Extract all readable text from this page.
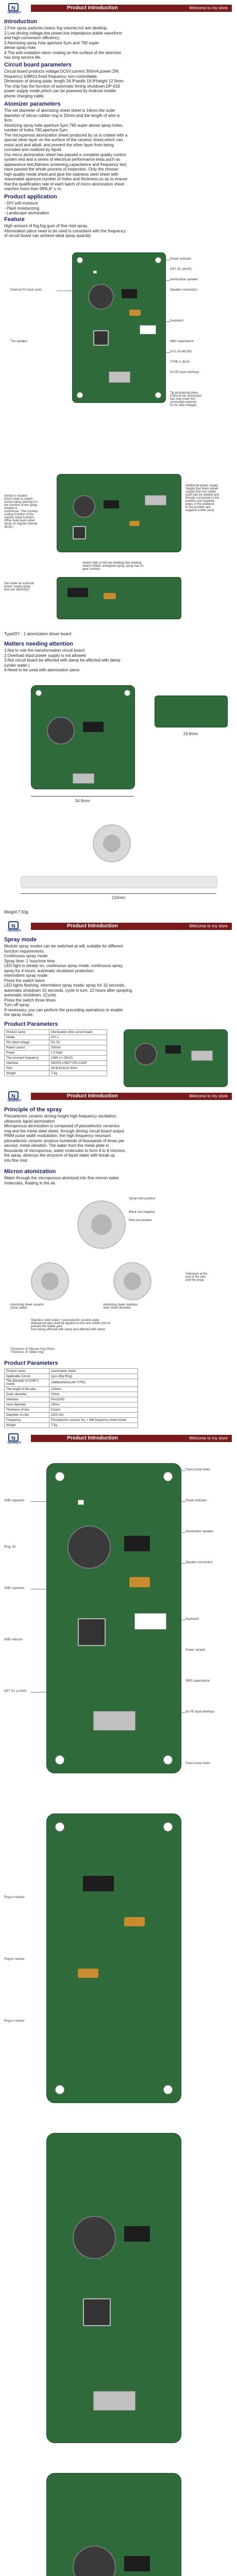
N
NovelDIY
Product Introduction	Welcome to my store
Introduction
1.Fine spray particles,heavy fog volume,not wet desktop.
2.Low driving voltage,low power,low impedance,stable waveform
and high conversion efficiency.
3.Atomizing spray hole aperture 5μm and 790 super
dense spray hole.
4.The anti-oxidation silver coating on the surface of the atomizer
has long service life.
Circuit board parameters
Circuit board products voltage:DC5V,current 300mA,power:2W,
frequency:108Khz,fixed frequency non-controllable
Dimension of driving plate: length 34.9*width 19.8*height 12.9mm
The chip has the function of automatic timing shutdown.DP-018
power supply mode,which can be powered by Android mobile
phone charging cable.
Atomizer parameters
The net diameter of atomizing sheet sheet is 16mm,the outer
diameter of silicon rubber ring is 20mm,and the length of wire is
9cm.
Atomizing spray hole aperture 5μm,790 super dense spray holes,
number of holes 790,aperture 5μm.
The microporous atomization sheet produced by us is coated with a
special silver layer on the surface of the ceramic sheet,which can
resist acid and alkali, and prevent the silver layer from being
corroded and oxidized by liquid.
Our micro atomization sheet has passed a complete quality control
system test and a series of electrical performance tests,such as
appearance test,flatness screening,capacitance and frequency test,
have passed the whole process of inspection. Only the choose
high-quality metal sheet,and glue the stainless steel sheet with
reasonable aperture,number of holes and thickness,so as to ensure
that the qualification rate of each batch of micro atomization sheet
reaches more than 99%,6" u m.
Product application
- DIY self-moisture
- Plant moisturizing
- Landscape atomization
Feature
High amount of fog,fog gum of fine mist spray.
Atomization piece need to be used is consistent with the frequency
of circuit board can achieve ideal spray quantity
Power indicator
DET 3V (1KHZ)
Atomization speaker
Speaker connection
Keyboard
External 5V input (auto
MB2 capacitance
5V-1.5A MICRO
TYPE-C (Ex9)
5V PE input interface
The speaker
Tip positioning place
(Ultra-th ink connection
can only insert the
connected external
5v for data voltage)
Switch is located
(Don't have to switch
control spray directly,it is
the function of the spray
module is
continuous. The corresp-
onding function of the
regular spray function.
Other fixed work when
spray no regular interval
spray.)
Additional power supply
Supply four block power
supply (five four outlet
point can be welded and
directly connected to the
positive and negative
poles of the powered
to the positive and
negative solder joint)
Switch high or left two welding feet welding,
switch invalid, energized spray, spray has no
gear function
Set under an external
power supply (plug
and use atomizer)
TypeDIY - 1 atomization driver board
Matters needing attention
1.Not to role the transformation circuit board
2.Overload input power supply is not allowed
3.Not circuit board be affected with damp be affected with damp
(under water.)
4.Need to be used with atomization piece
34.9mm
19.8mm
150mm
Weight:7.50g
N
NovelDIY
Product Introduction	Welcome to my store
Spray mode
Module spray modes can be switched at will, suitable for different
function requirements.
Continuous spray mode
Spray time: 1 hour/one time
LED light is steady on, continuous spray mode, continuous spray,
spray for 4 hours, automatic shutdown protection.
Intermittent spray mode
Press the switch twice
LED lights flashing, intermittent spray mode; spray for 10 seconds,
automatic shutdown 10 seconds, cycle in turn; 12 hours after spraying,
automatic shutdown. (Cycle)
Press the switch three times
Turn off spray
If necessary, you can perform the preceding operations to enable
the spray mode.
Product Parameters
Product name	Atomization drive circuit board
Model	DIY-1
Pin rated voltage	DC 5V
Rated current	300mA
Power	1.5 Watt
The resonant frequency	108K (+/-2KHZ)
Interface	MICRO USB/TYPE-C/DIP
Size	34.9x19.8x12.9mm
Weight	7.5g
N
NovelDIY
Product Introduction	Welcome to my store
Principle of the spray
Piezoelectric ceramic driving height high frequency oscillation,
ultrasonic liquid atomization
Microporous atomization is composed of piezoelectric ceramics
ring and the metal steel sheet, through driving circuit board output
PWM pulse width modulation, the high frequency resonant
piezoelectric ceramic produce hundreds of thousands of times per
second, metal vibration. The water from the metal plate in
thousands of microporous, water molecules to form 4 to 6 microns,
the spray, destroys the structure of liquid water with break up
into fine mist
Micron atomization
Water through the microporous atomized into fine micron water
molecules, floating in the air.
Spray hole position
Black one negative
Red one positive
Atomizing sheet ceramic
(silver plate)
Atomizing sheet stainless
steel sheet diameter
Tolerance at the
end of the wire
and the plugs
Stainless steel sheet + piezoelectric ceramic plate
Waterproof glue shall be applied on the wire solder joint to
prevent the solder joint
from being affected with damp and affected with damp
Thickness of Silicone ring 20mm
Thickness of rubber ring
Product Parameters
Product name	Atomization sheet
Applicable Circuit	1pcs (Big Ring)
The diameter of CHIP-2 model	16MM(ANNULAR-TYPE)
The length of the wire	100mm
Outer diameter	20mm
Interface	Pin/LEAD
Inner diameter	16mm
Thickness of line	6.5mm
Diameter of chip	1100 mm
Frequency	Piezoelectric ceramic frq. + 498 frequency sheet model
Weight	7.5g
N
NovelDIY
Product Introduction	Welcome to my store
Fixed screw holes
Power indicator
Atomization speaker
Speaker connection
Keyboard
Power sample
SMD capacitance
5V PE input interface
Fixed screw holes
SMD capacitor
Plug: 3V
SMD capacitor
SMD inductor
DET 5V (1 KHZ)
Plug-in resistor
Plug-in resistor
Plug-in resistor
